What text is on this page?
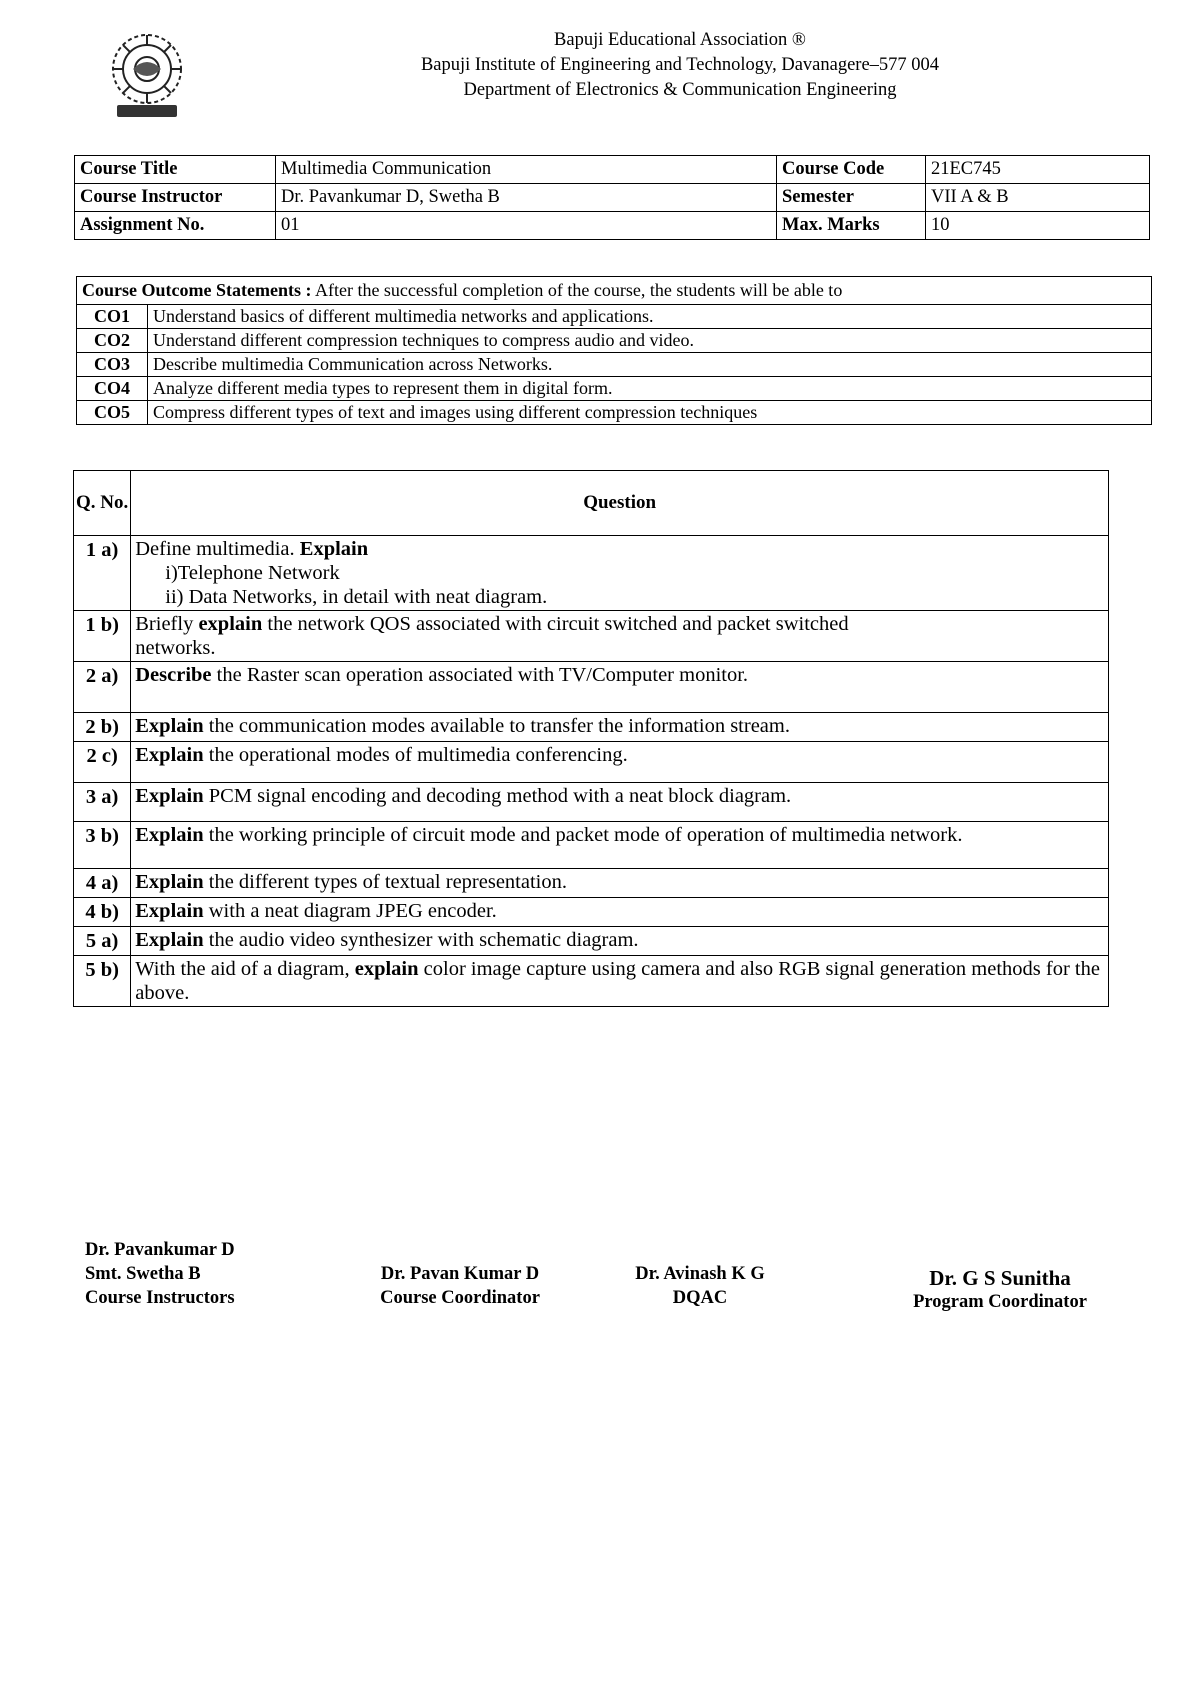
Bapuji Educational Association ®
Bapuji Institute of Engineering and Technology, Davanagere–577 004
Department of Electronics & Communication Engineering
Course Title	Multimedia Communication	Course Code	21EC745
Course Instructor	Dr. Pavankumar D, Swetha B	Semester	VII A & B
Assignment No.	01	Max. Marks	10
Course Outcome Statements : After the successful completion of the course, the students will be able to	
CO1	Understand basics of different multimedia networks and applications.
CO2	Understand different compression techniques to compress audio and video.
CO3	Describe multimedia Communication across Networks.
CO4	Analyze different media types to represent them in digital form.
CO5	Compress different types of text and images using different compression techniques
Q. No.	Question
1 a)	Define multimedia. Explain
i)Telephone Network
ii) Data Networks, in detail with neat diagram.

1 b)	Briefly explain the network QOS associated with circuit switched and packet switched networks.
2 a)	Describe the Raster scan operation associated with TV/Computer monitor.
2 b)	Explain the communication modes available to transfer the information stream.
2 c)	Explain the operational modes of multimedia conferencing.
3 a)	Explain PCM signal encoding and decoding method with a neat block diagram.
3 b)	Explain the working principle of circuit mode and packet mode of operation of multimedia network.
4 a)	Explain the different types of textual representation.
4 b)	Explain with a neat diagram JPEG encoder.
5 a)	Explain the audio video synthesizer with schematic diagram.
5 b)	With the aid of a diagram, explain color image capture using camera and also RGB signal generation methods for the above.
Dr. Pavankumar D
Smt. Swetha B
Course Instructors
Dr. Pavan Kumar D
Course Coordinator
Dr. Avinash K G
DQAC
Dr. G S Sunitha
Program Coordinator
